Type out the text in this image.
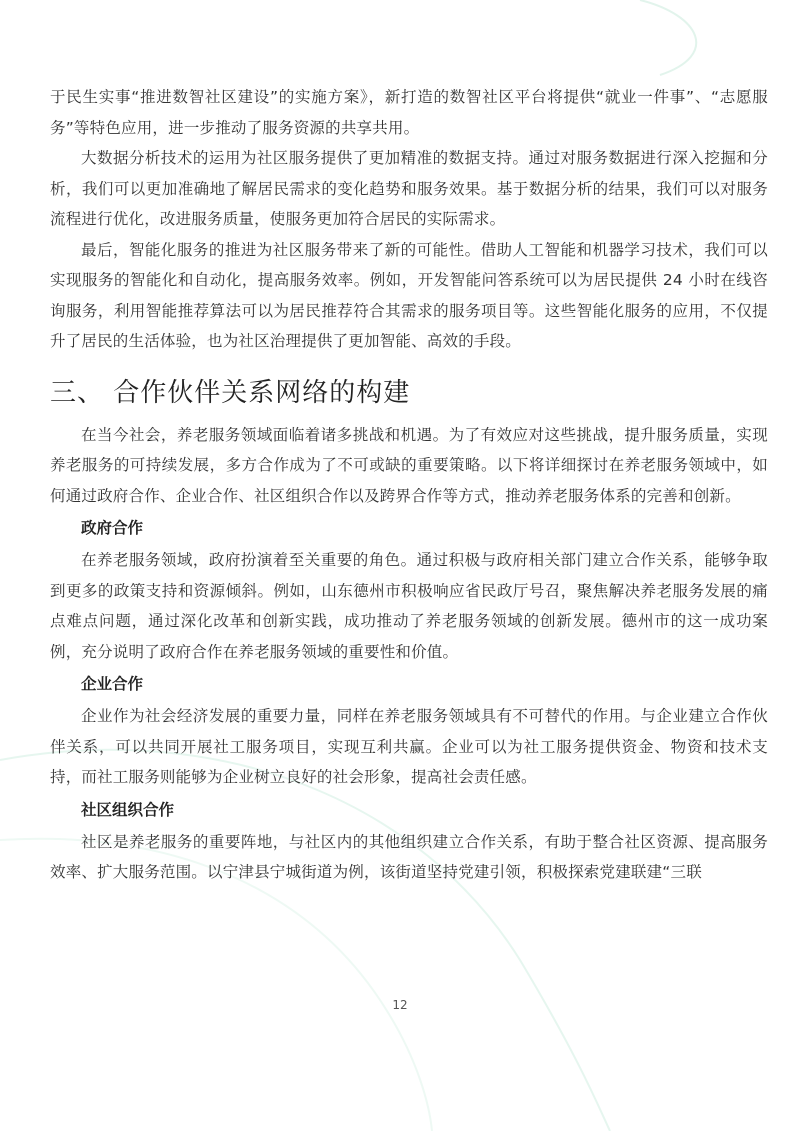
于民生实事“推进数智社区建设”的实施方案》，新打造的数智社区平台将提供“就业一件事”、“志愿服务”等特色应用，进一步推动了服务资源的共享共用。

大数据分析技术的运用为社区服务提供了更加精准的数据支持。通过对服务数据进行深入挖掘和分析，我们可以更加准确地了解居民需求的变化趋势和服务效果。基于数据分析的结果，我们可以对服务流程进行优化，改进服务质量，使服务更加符合居民的实际需求。

最后，智能化服务的推进为社区服务带来了新的可能性。借助人工智能和机器学习技术，我们可以实现服务的智能化和自动化，提高服务效率。例如，开发智能问答系统可以为居民提供 24 小时在线咨询服务，利用智能推荐算法可以为居民推荐符合其需求的服务项目等。这些智能化服务的应用，不仅提升了居民的生活体验，也为社区治理提供了更加智能、高效的手段。

三、 合作伙伴关系网络的构建

在当今社会，养老服务领域面临着诸多挑战和机遇。为了有效应对这些挑战，提升服务质量，实现养老服务的可持续发展，多方合作成为了不可或缺的重要策略。以下将详细探讨在养老服务领域中，如何通过政府合作、企业合作、社区组织合作以及跨界合作等方式，推动养老服务体系的完善和创新。

政府合作

在养老服务领域，政府扮演着至关重要的角色。通过积极与政府相关部门建立合作关系，能够争取到更多的政策支持和资源倾斜。例如，山东德州市积极响应省民政厅号召，聚焦解决养老服务发展的痛点难点问题，通过深化改革和创新实践，成功推动了养老服务领域的创新发展。德州市的这一成功案例，充分说明了政府合作在养老服务领域的重要性和价值。

企业合作

企业作为社会经济发展的重要力量，同样在养老服务领域具有不可替代的作用。与企业建立合作伙伴关系，可以共同开展社工服务项目，实现互利共赢。企业可以为社工服务提供资金、物资和技术支持，而社工服务则能够为企业树立良好的社会形象，提高社会责任感。

社区组织合作

社区是养老服务的重要阵地，与社区内的其他组织建立合作关系，有助于整合社区资源、提高服务效率、扩大服务范围。以宁津县宁城街道为例，该街道坚持党建引领，积极探索党建联建“三联

12
